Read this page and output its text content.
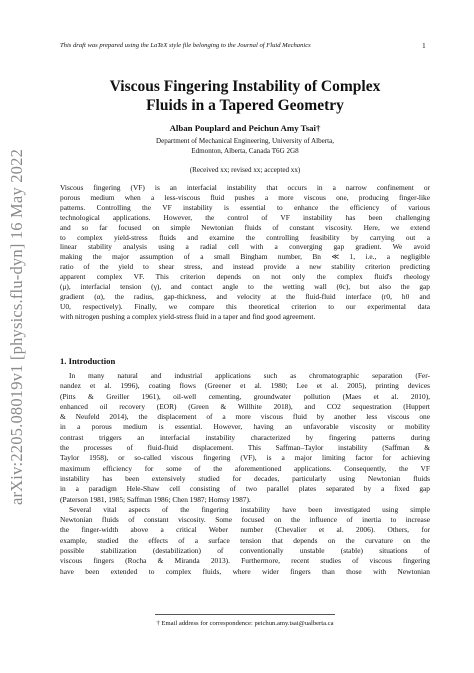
arXiv:2205.08019v1 [physics.flu-dyn] 16 May 2022
This draft was prepared using the LaTeX style file belonging to the Journal of Fluid Mechanics	1
Viscous Fingering Instability of Complex
Fluids in a Tapered Geometry
Alban Pouplard and Peichun Amy Tsai†
Department of Mechanical Engineering, University of Alberta,
Edmonton, Alberta, Canada T6G 2G8
(Received xx; revised xx; accepted xx)
Viscous fingering (VF) is an interfacial instability that occurs in a narrow confinement or
porous medium when a less-viscous fluid pushes a more viscous one, producing finger-like
patterns. Controlling the VF instability is essential to enhance the efficiency of various
technological applications. However, the control of VF instability has been challenging
and so far focused on simple Newtonian fluids of constant viscosity. Here, we extend
to complex yield-stress fluids and examine the controlling feasibility by carrying out a
linear stability analysis using a radial cell with a converging gap gradient. We avoid
making the major assumption of a small Bingham number, Bn ≪ 1, i.e., a negligible
ratio of the yield to shear stress, and instead provide a new stability criterion predicting
apparent complex VF. This criterion depends on not only the complex fluid's rheology
(μ), interfacial tension (γ), and contact angle to the wetting wall (θc), but also the gap
gradient (α), the radius, gap-thickness, and velocity at the fluid-fluid interface (r0, h0 and
U0, respectively). Finally, we compare this theoretical criterion to our experimental data
with nitrogen pushing a complex yield-stress fluid in a taper and find good agreement.
1. Introduction
In many natural and industrial applications such as chromatographic separation (Fer-
nandez et al. 1996), coating flows (Greener et al. 1980; Lee et al. 2005), printing devices
(Pitts & Greiller 1961), oil-well cementing, groundwater pollution (Maes et al. 2010),
enhanced oil recovery (EOR) (Green & Willhite 2018), and CO2 sequestration (Huppert
& Neufeld 2014), the displacement of a more viscous fluid by another less viscous one
in a porous medium is essential. However, having an unfavorable viscosity or mobility
contrast triggers an interfacial instability characterized by fingering patterns during
the processes of fluid-fluid displacement. This Saffman–Taylor instability (Saffman &
Taylor 1958), or so-called viscous fingering (VF), is a major limiting factor for achieving
maximum efficiency for some of the aforementioned applications. Consequently, the VF
instability has been extensively studied for decades, particularly using Newtonian fluids
in a paradigm Hele-Shaw cell consisting of two parallel plates separated by a fixed gap
(Paterson 1981, 1985; Saffman 1986; Chen 1987; Homsy 1987).
Several vital aspects of the fingering instability have been investigated using simple
Newtonian fluids of constant viscosity. Some focused on the influence of inertia to increase
the finger-width above a critical Weber number (Chevalier et al. 2006). Others, for
example, studied the effects of a surface tension that depends on the curvature on the
possible stabilization (destabilization) of conventionally unstable (stable) situations of
viscous fingers (Rocha & Miranda 2013). Furthermore, recent studies of viscous fingering
have been extended to complex fluids, where wider fingers than those with Newtonian
† Email address for correspondence: peichun.amy.tsai@ualberta.ca
